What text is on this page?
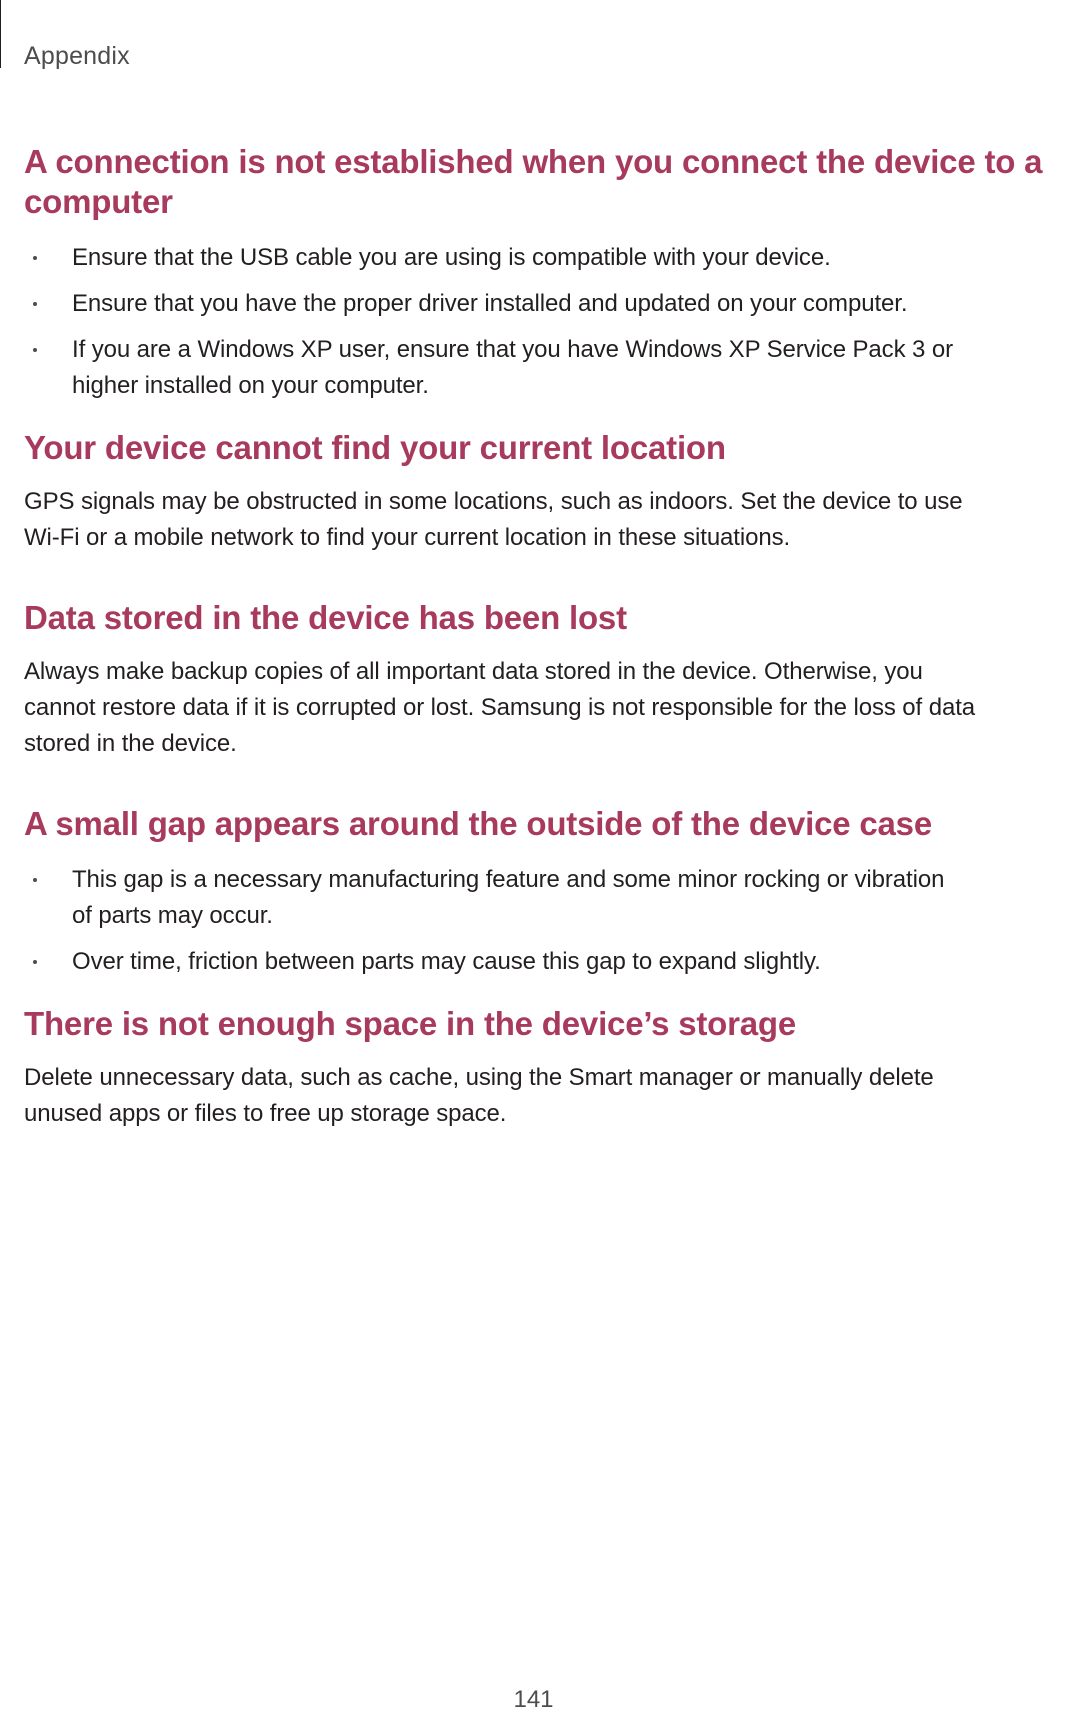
Appendix
A connection is not established when you connect the device to a computer
Ensure that the USB cable you are using is compatible with your device.
Ensure that you have the proper driver installed and updated on your computer.
If you are a Windows XP user, ensure that you have Windows XP Service Pack 3 or higher installed on your computer.
Your device cannot find your current location

GPS signals may be obstructed in some locations, such as indoors. Set the device to use Wi-Fi or a mobile network to find your current location in these situations.

Data stored in the device has been lost

Always make backup copies of all important data stored in the device. Otherwise, you cannot restore data if it is corrupted or lost. Samsung is not responsible for the loss of data stored in the device.

A small gap appears around the outside of the device case
This gap is a necessary manufacturing feature and some minor rocking or vibration of parts may occur.
Over time, friction between parts may cause this gap to expand slightly.
There is not enough space in the device’s storage

Delete unnecessary data, such as cache, using the Smart manager or manually delete unused apps or files to free up storage space.

141
